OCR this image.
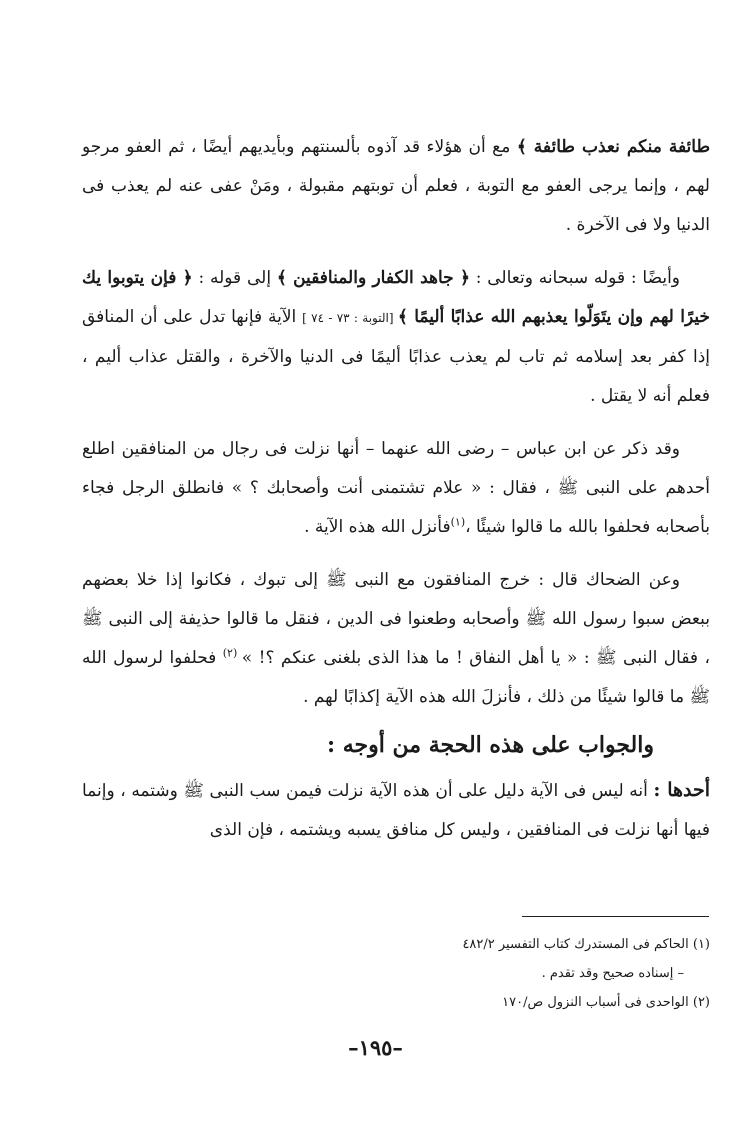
طائفة منكم نعذب طائفة ﴾ مع أن هؤلاء قد آذوه بألسنتهم وبأيديهم أيضًا ، ثم العفو مرجو لهم ، وإنما يرجى العفو مع التوبة ، فعلم أن توبتهم مقبولة ، ومَنْ عفى عنه لم يعذب فى الدنيا ولا فى الآخرة .

وأيضًا : قوله سبحانه وتعالى : ﴿ جاهد الكفار والمنافقين ﴾ إلى قوله : ﴿ فإن يتوبوا يك خيرًا لهم وإن يتَوَلّوا يعذبهم الله عذابًا أليمًا ﴾ [التوبة : ٧٣ - ٧٤ ] الآية فإنها تدل على أن المنافق إذا كفر بعد إسلامه ثم تاب لم يعذب عذابًا أليمًا فى الدنيا والآخرة ، والقتل عذاب أليم ، فعلم أنه لا يقتل .

وقد ذكر عن ابن عباس – رضى الله عنهما – أنها نزلت فى رجال من المنافقين اطلع أحدهم على النبى ﷺ ، فقال : « علام تشتمنى أنت وأصحابك ؟ » فانطلق الرجل فجاء بأصحابه فحلفوا بالله ما قالوا شيئًا ،$^{(١)}$فأنزل الله هذه الآية .

وعن الضحاك قال : خرج المنافقون مع النبى ﷺ إلى تبوك ، فكانوا إذا خلا بعضهم ببعض سبوا رسول الله ﷺ وأصحابه وطعنوا فى الدين ، فنقل ما قالوا حذيفة إلى النبى ﷺ ، فقال النبى ﷺ : « يا أهل النفاق ! ما هذا الذى بلغنى عنكم ؟! » $^{(٢)}$ فحلفوا لرسول الله ﷺ ما قالوا شيئًا من ذلك ، فأنزلَ الله هذه الآية إكذابًا لهم .

والجواب على هذه الحجة من أوجه :

أحدها : أنه ليس فى الآية دليل على أن هذه الآية نزلت فيمن سب النبى ﷺ وشتمه ، وإنما فيها أنها نزلت فى المنافقين ، وليس كل منافق يسبه ويشتمه ، فإن الذى

(١) الحاكم فى المستدرك كتاب التفسير ٤٨٢/٢

– إسناده صحيح وقد تقدم .

(٢) الواحدى فى أسباب النزول ص/١٧٠

–١٩٥–
